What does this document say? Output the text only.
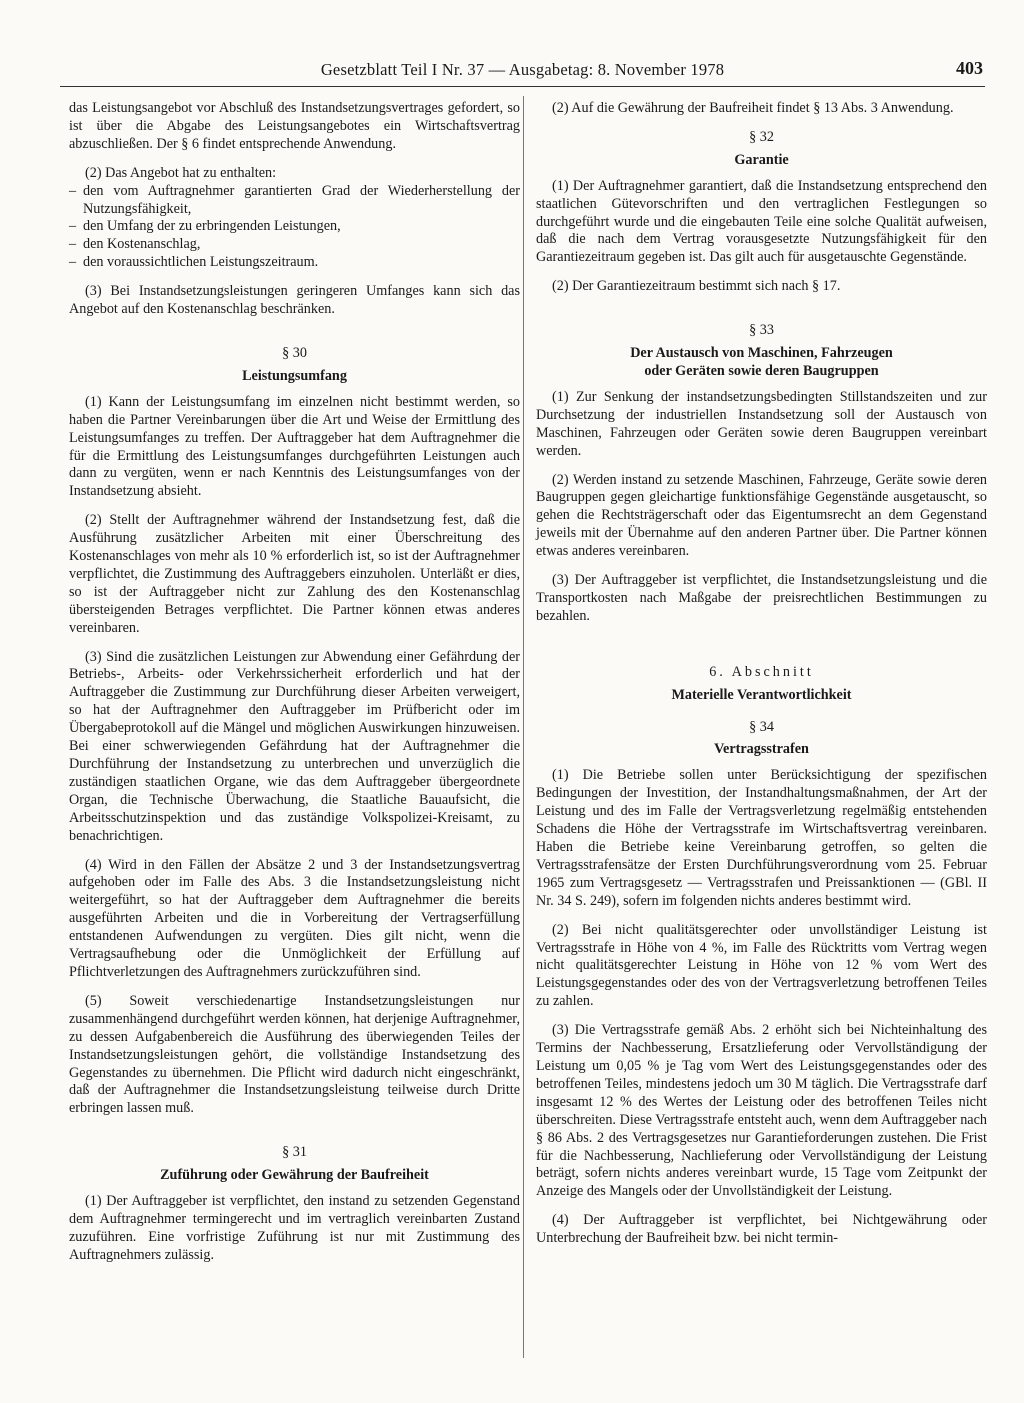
Gesetzblatt Teil I Nr. 37 — Ausgabetag: 8. November 1978	403

das Leistungsangebot vor Abschluß des Instandsetzungsvertrages gefordert, so ist über die Abgabe des Leistungsangebotes ein Wirtschaftsvertrag abzuschließen. Der § 6 findet entsprechende Anwendung.

(2) Das Angebot hat zu enthalten:

– den vom Auftragnehmer garantierten Grad der Wiederherstellung der Nutzungsfähigkeit,
– den Umfang der zu erbringenden Leistungen,
– den Kostenanschlag,
– den voraussichtlichen Leistungszeitraum.

(3) Bei Instandsetzungsleistungen geringeren Umfanges kann sich das Angebot auf den Kostenanschlag beschränken.

§ 30
Leistungsumfang

(1) Kann der Leistungsumfang im einzelnen nicht bestimmt werden, so haben die Partner Vereinbarungen über die Art und Weise der Ermittlung des Leistungsumfanges zu treffen. Der Auftraggeber hat dem Auftragnehmer die für die Ermittlung des Leistungsumfanges durchgeführten Leistungen auch dann zu vergüten, wenn er nach Kenntnis des Leistungsumfanges von der Instandsetzung absieht.

(2) Stellt der Auftragnehmer während der Instandsetzung fest, daß die Ausführung zusätzlicher Arbeiten mit einer Überschreitung des Kostenanschlages von mehr als 10 % erforderlich ist, so ist der Auftragnehmer verpflichtet, die Zustimmung des Auftraggebers einzuholen. Unterläßt er dies, so ist der Auftraggeber nicht zur Zahlung des den Kostenanschlag übersteigenden Betrages verpflichtet. Die Partner können etwas anderes vereinbaren.

(3) Sind die zusätzlichen Leistungen zur Abwendung einer Gefährdung der Betriebs-, Arbeits- oder Verkehrssicherheit erforderlich und hat der Auftraggeber die Zustimmung zur Durchführung dieser Arbeiten verweigert, so hat der Auftragnehmer den Auftraggeber im Prüfbericht oder im Übergabeprotokoll auf die Mängel und möglichen Auswirkungen hinzuweisen. Bei einer schwerwiegenden Gefährdung hat der Auftragnehmer die Durchführung der Instandsetzung zu unterbrechen und unverzüglich die zuständigen staatlichen Organe, wie das dem Auftraggeber übergeordnete Organ, die Technische Überwachung, die Staatliche Bauaufsicht, die Arbeitsschutzinspektion und das zuständige Volkspolizei-Kreisamt, zu benachrichtigen.

(4) Wird in den Fällen der Absätze 2 und 3 der Instandsetzungsvertrag aufgehoben oder im Falle des Abs. 3 die Instandsetzungsleistung nicht weitergeführt, so hat der Auftraggeber dem Auftragnehmer die bereits ausgeführten Arbeiten und die in Vorbereitung der Vertragserfüllung entstandenen Aufwendungen zu vergüten. Dies gilt nicht, wenn die Vertragsaufhebung oder die Unmöglichkeit der Erfüllung auf Pflichtverletzungen des Auftragnehmers zurückzuführen sind.

(5) Soweit verschiedenartige Instandsetzungsleistungen nur zusammenhängend durchgeführt werden können, hat derjenige Auftragnehmer, zu dessen Aufgabenbereich die Ausführung des überwiegenden Teiles der Instandsetzungsleistungen gehört, die vollständige Instandsetzung des Gegenstandes zu übernehmen. Die Pflicht wird dadurch nicht eingeschränkt, daß der Auftragnehmer die Instandsetzungsleistung teilweise durch Dritte erbringen lassen muß.

§ 31
Zuführung oder Gewährung der Baufreiheit

(1) Der Auftraggeber ist verpflichtet, den instand zu setzenden Gegenstand dem Auftragnehmer termingerecht und im vertraglich vereinbarten Zustand zuzuführen. Eine vorfristige Zuführung ist nur mit Zustimmung des Auftragnehmers zulässig.

(2) Auf die Gewährung der Baufreiheit findet § 13 Abs. 3 Anwendung.

§ 32
Garantie

(1) Der Auftragnehmer garantiert, daß die Instandsetzung entsprechend den staatlichen Gütevorschriften und den vertraglichen Festlegungen so durchgeführt wurde und die eingebauten Teile eine solche Qualität aufweisen, daß die nach dem Vertrag vorausgesetzte Nutzungsfähigkeit für den Garantiezeitraum gegeben ist. Das gilt auch für ausgetauschte Gegenstände.

(2) Der Garantiezeitraum bestimmt sich nach § 17.

§ 33
Der Austausch von Maschinen, Fahrzeugen
oder Geräten sowie deren Baugruppen

(1) Zur Senkung der instandsetzungsbedingten Stillstandszeiten und zur Durchsetzung der industriellen Instandsetzung soll der Austausch von Maschinen, Fahrzeugen oder Geräten sowie deren Baugruppen vereinbart werden.

(2) Werden instand zu setzende Maschinen, Fahrzeuge, Geräte sowie deren Baugruppen gegen gleichartige funktionsfähige Gegenstände ausgetauscht, so gehen die Rechtsträgerschaft oder das Eigentumsrecht an dem Gegenstand jeweils mit der Übernahme auf den anderen Partner über. Die Partner können etwas anderes vereinbaren.

(3) Der Auftraggeber ist verpflichtet, die Instandsetzungsleistung und die Transportkosten nach Maßgabe der preisrechtlichen Bestimmungen zu bezahlen.

6. Abschnitt
Materielle Verantwortlichkeit
§ 34
Vertragsstrafen

(1) Die Betriebe sollen unter Berücksichtigung der spezifischen Bedingungen der Investition, der Instandhaltungsmaßnahmen, der Art der Leistung und des im Falle der Vertragsverletzung regelmäßig entstehenden Schadens die Höhe der Vertragsstrafe im Wirtschaftsvertrag vereinbaren. Haben die Betriebe keine Vereinbarung getroffen, so gelten die Vertragsstrafensätze der Ersten Durchführungsverordnung vom 25. Februar 1965 zum Vertragsgesetz — Vertragsstrafen und Preissanktionen — (GBl. II Nr. 34 S. 249), sofern im folgenden nichts anderes bestimmt wird.

(2) Bei nicht qualitätsgerechter oder unvollständiger Leistung ist Vertragsstrafe in Höhe von 4 %, im Falle des Rücktritts vom Vertrag wegen nicht qualitätsgerechter Leistung in Höhe von 12 % vom Wert des Leistungsgegenstandes oder des von der Vertragsverletzung betroffenen Teiles zu zahlen.

(3) Die Vertragsstrafe gemäß Abs. 2 erhöht sich bei Nichteinhaltung des Termins der Nachbesserung, Ersatzlieferung oder Vervollständigung der Leistung um 0,05 % je Tag vom Wert des Leistungsgegenstandes oder des betroffenen Teiles, mindestens jedoch um 30 M täglich. Die Vertragsstrafe darf insgesamt 12 % des Wertes der Leistung oder des betroffenen Teiles nicht überschreiten. Diese Vertragsstrafe entsteht auch, wenn dem Auftraggeber nach § 86 Abs. 2 des Vertragsgesetzes nur Garantieforderungen zustehen. Die Frist für die Nachbesserung, Nachlieferung oder Vervollständigung der Leistung beträgt, sofern nichts anderes vereinbart wurde, 15 Tage vom Zeitpunkt der Anzeige des Mangels oder der Unvollständigkeit der Leistung.

(4) Der Auftraggeber ist verpflichtet, bei Nichtgewährung oder Unterbrechung der Baufreiheit bzw. bei nicht termin-
